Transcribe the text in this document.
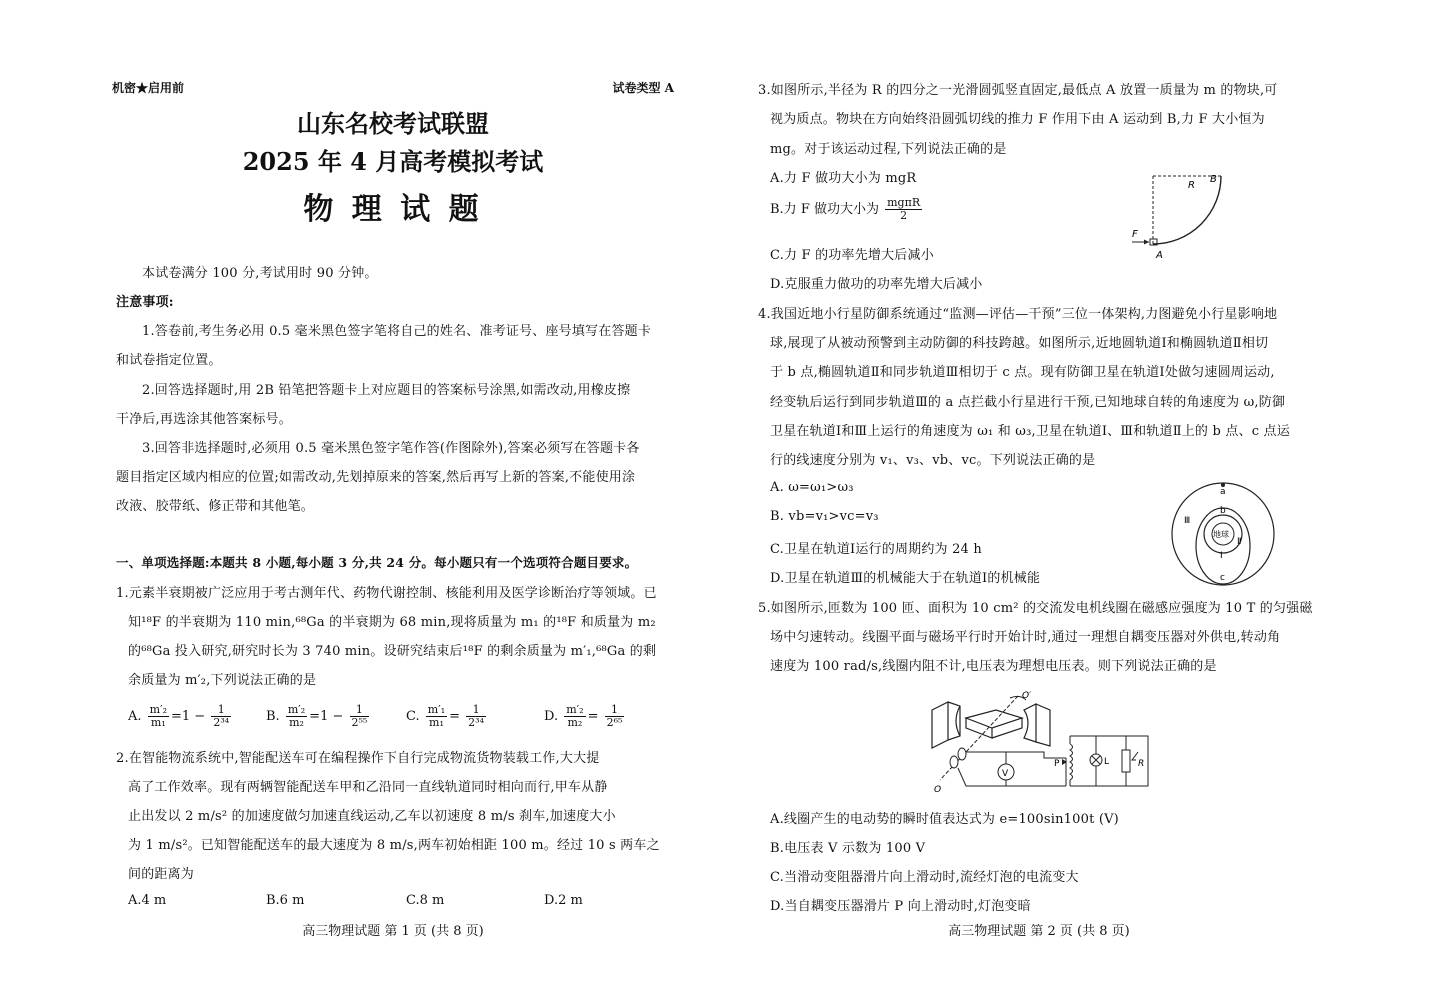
机密★启用前	试卷类型 A
山东名校考试联盟
2025 年 4 月高考模拟考试
物 理 试 题
本试卷满分 100 分,考试用时 90 分钟。
注意事项:
1.答卷前,考生务必用 0.5 毫米黑色签字笔将自己的姓名、准考证号、座号填写在答题卡
和试卷指定位置。
2.回答选择题时,用 2B 铅笔把答题卡上对应题目的答案标号涂黑,如需改动,用橡皮擦
干净后,再选涂其他答案标号。
3.回答非选择题时,必须用 0.5 毫米黑色签字笔作答(作图除外),答案必须写在答题卡各
题目指定区域内相应的位置;如需改动,先划掉原来的答案,然后再写上新的答案,不能使用涂
改液、胶带纸、修正带和其他笔。
一、单项选择题:本题共 8 小题,每小题 3 分,共 24 分。每小题只有一个选项符合题目要求。
1.元素半衰期被广泛应用于考古测年代、药物代谢控制、核能利用及医学诊断治疗等领域。已
知¹⁸F 的半衰期为 110 min,⁶⁸Ga 的半衰期为 68 min,现将质量为 m₁ 的¹⁸F 和质量为 m₂
的⁶⁸Ga 投入研究,研究时长为 3 740 min。设研究结束后¹⁸F 的剩余质量为 m′₁,⁶⁸Ga 的剩
余质量为 m′₂,下列说法正确的是
A. $\frac{\text{m′₂}}{\text{m₁}} =1 - \frac{1}{\text{2³⁴}}$	B. $\frac{\text{m′₂}}{\text{m₂}} =1 - \frac{1}{\text{2⁵⁵}}$	C. $\frac{\text{m′₁}}{\text{m₁}} = \frac{1}{\text{2³⁴}}$	D. $\frac{\text{m′₂}}{\text{m₂}} = \frac{1}{\text{2⁶⁵}}$
2.在智能物流系统中,智能配送车可在编程操作下自行完成物流货物装载工作,大大提
高了工作效率。现有两辆智能配送车甲和乙沿同一直线轨道同时相向而行,甲车从静
止出发以 2 m/s² 的加速度做匀加速直线运动,乙车以初速度 8 m/s 刹车,加速度大小
为 1 m/s²。已知智能配送车的最大速度为 8 m/s,两车初始相距 100 m。经过 10 s 两车之
间的距离为
A.4 m	B.6 m	C.8 m	D.2 m
高三物理试题 第 1 页 (共 8 页)
3.如图所示,半径为 R 的四分之一光滑圆弧竖直固定,最低点 A 放置一质量为 m 的物块,可
视为质点。物块在方向始终沿圆弧切线的推力 F 作用下由 A 运动到 B,力 F 大小恒为
mg。对于该运动过程,下列说法正确的是
A.力 F 做功大小为 mgR
B.力 F 做功大小为 $\frac{\text{mgπR}}{2}$
C.力 F 的功率先增大后减小
D.克服重力做功的功率先增大后减小
R
B
F
A
4.我国近地小行星防御系统通过“监测—评估—干预”三位一体架构,力图避免小行星影响地
球,展现了从被动预警到主动防御的科技跨越。如图所示,近地圆轨道Ⅰ和椭圆轨道Ⅱ相切
于 b 点,椭圆轨道Ⅱ和同步轨道Ⅲ相切于 c 点。现有防御卫星在轨道Ⅰ处做匀速圆周运动,
经变轨后运行到同步轨道Ⅲ的 a 点拦截小行星进行干预,已知地球自转的角速度为 ω,防御
卫星在轨道Ⅰ和Ⅲ上运行的角速度为 ω₁ 和 ω₃,卫星在轨道Ⅰ、Ⅲ和轨道Ⅱ上的 b 点、c 点运
行的线速度分别为 v₁、v₃、vb、vc。下列说法正确的是
A. ω=ω₁>ω₃
B. vb=v₁>vc=v₃
C.卫星在轨道Ⅰ运行的周期约为 24 h
D.卫星在轨道Ⅲ的机械能大于在轨道Ⅰ的机械能
a
b
c
地球
Ⅰ
Ⅱ
Ⅲ
5.如图所示,匝数为 100 匝、面积为 10 cm² 的交流发电机线圈在磁感应强度为 10 T 的匀强磁
场中匀速转动。线圈平面与磁场平行时开始计时,通过一理想自耦变压器对外供电,转动角
速度为 100 rad/s,线圈内阻不计,电压表为理想电压表。则下列说法正确的是
V
P	L	R
O′
O
A.线圈产生的电动势的瞬时值表达式为 e=100sin100t (V)
B.电压表 V 示数为 100 V
C.当滑动变阻器滑片向上滑动时,流经灯泡的电流变大
D.当自耦变压器滑片 P 向上滑动时,灯泡变暗
高三物理试题 第 2 页 (共 8 页)
